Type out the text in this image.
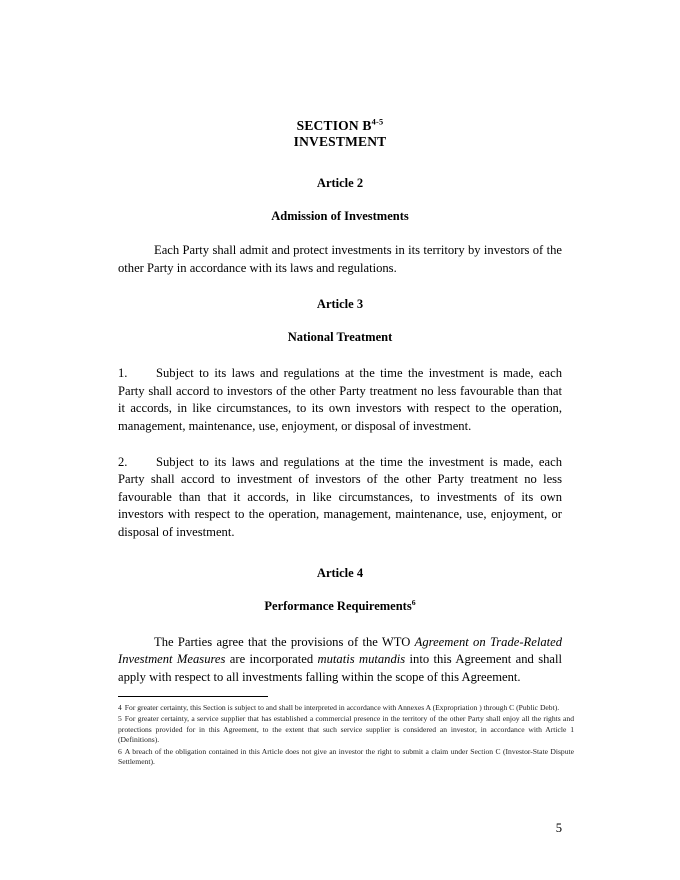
SECTION $B^{4-5}$
INVESTMENT
Article 2
Admission of Investments

Each Party shall admit and protect investments in its territory by investors of the other Party in accordance with its laws and regulations.

Article 3
National Treatment

1. Subject to its laws and regulations at the time the investment is made, each Party shall accord to investors of the other Party treatment no less favourable than that it accords, in like circumstances, to its own investors with respect to the operation, management, maintenance, use, enjoyment, or disposal of investment.

2. Subject to its laws and regulations at the time the investment is made, each Party shall accord to investment of investors of the other Party treatment no less favourable than that it accords, in like circumstances, to investments of its own investors with respect to the operation, management, maintenance, use, enjoyment, or disposal of investment.

Article 4
Performance Requirements$^6$

The Parties agree that the provisions of the WTO Agreement on Trade-Related Investment Measures are incorporated mutatis mutandis into this Agreement and shall apply with respect to all investments falling within the scope of this Agreement.

4 For greater certainty, this Section is subject to and shall be interpreted in accordance with Annexes A (Expropriation ) through C (Public Debt).

5 For greater certainty, a service supplier that has established a commercial presence in the territory of the other Party shall enjoy all the rights and protections provided for in this Agreement, to the extent that such service supplier is considered an investor, in accordance with Article 1 (Definitions).

6 A breach of the obligation contained in this Article does not give an investor the right to submit a claim under Section C (Investor-State Dispute Settlement).

5
